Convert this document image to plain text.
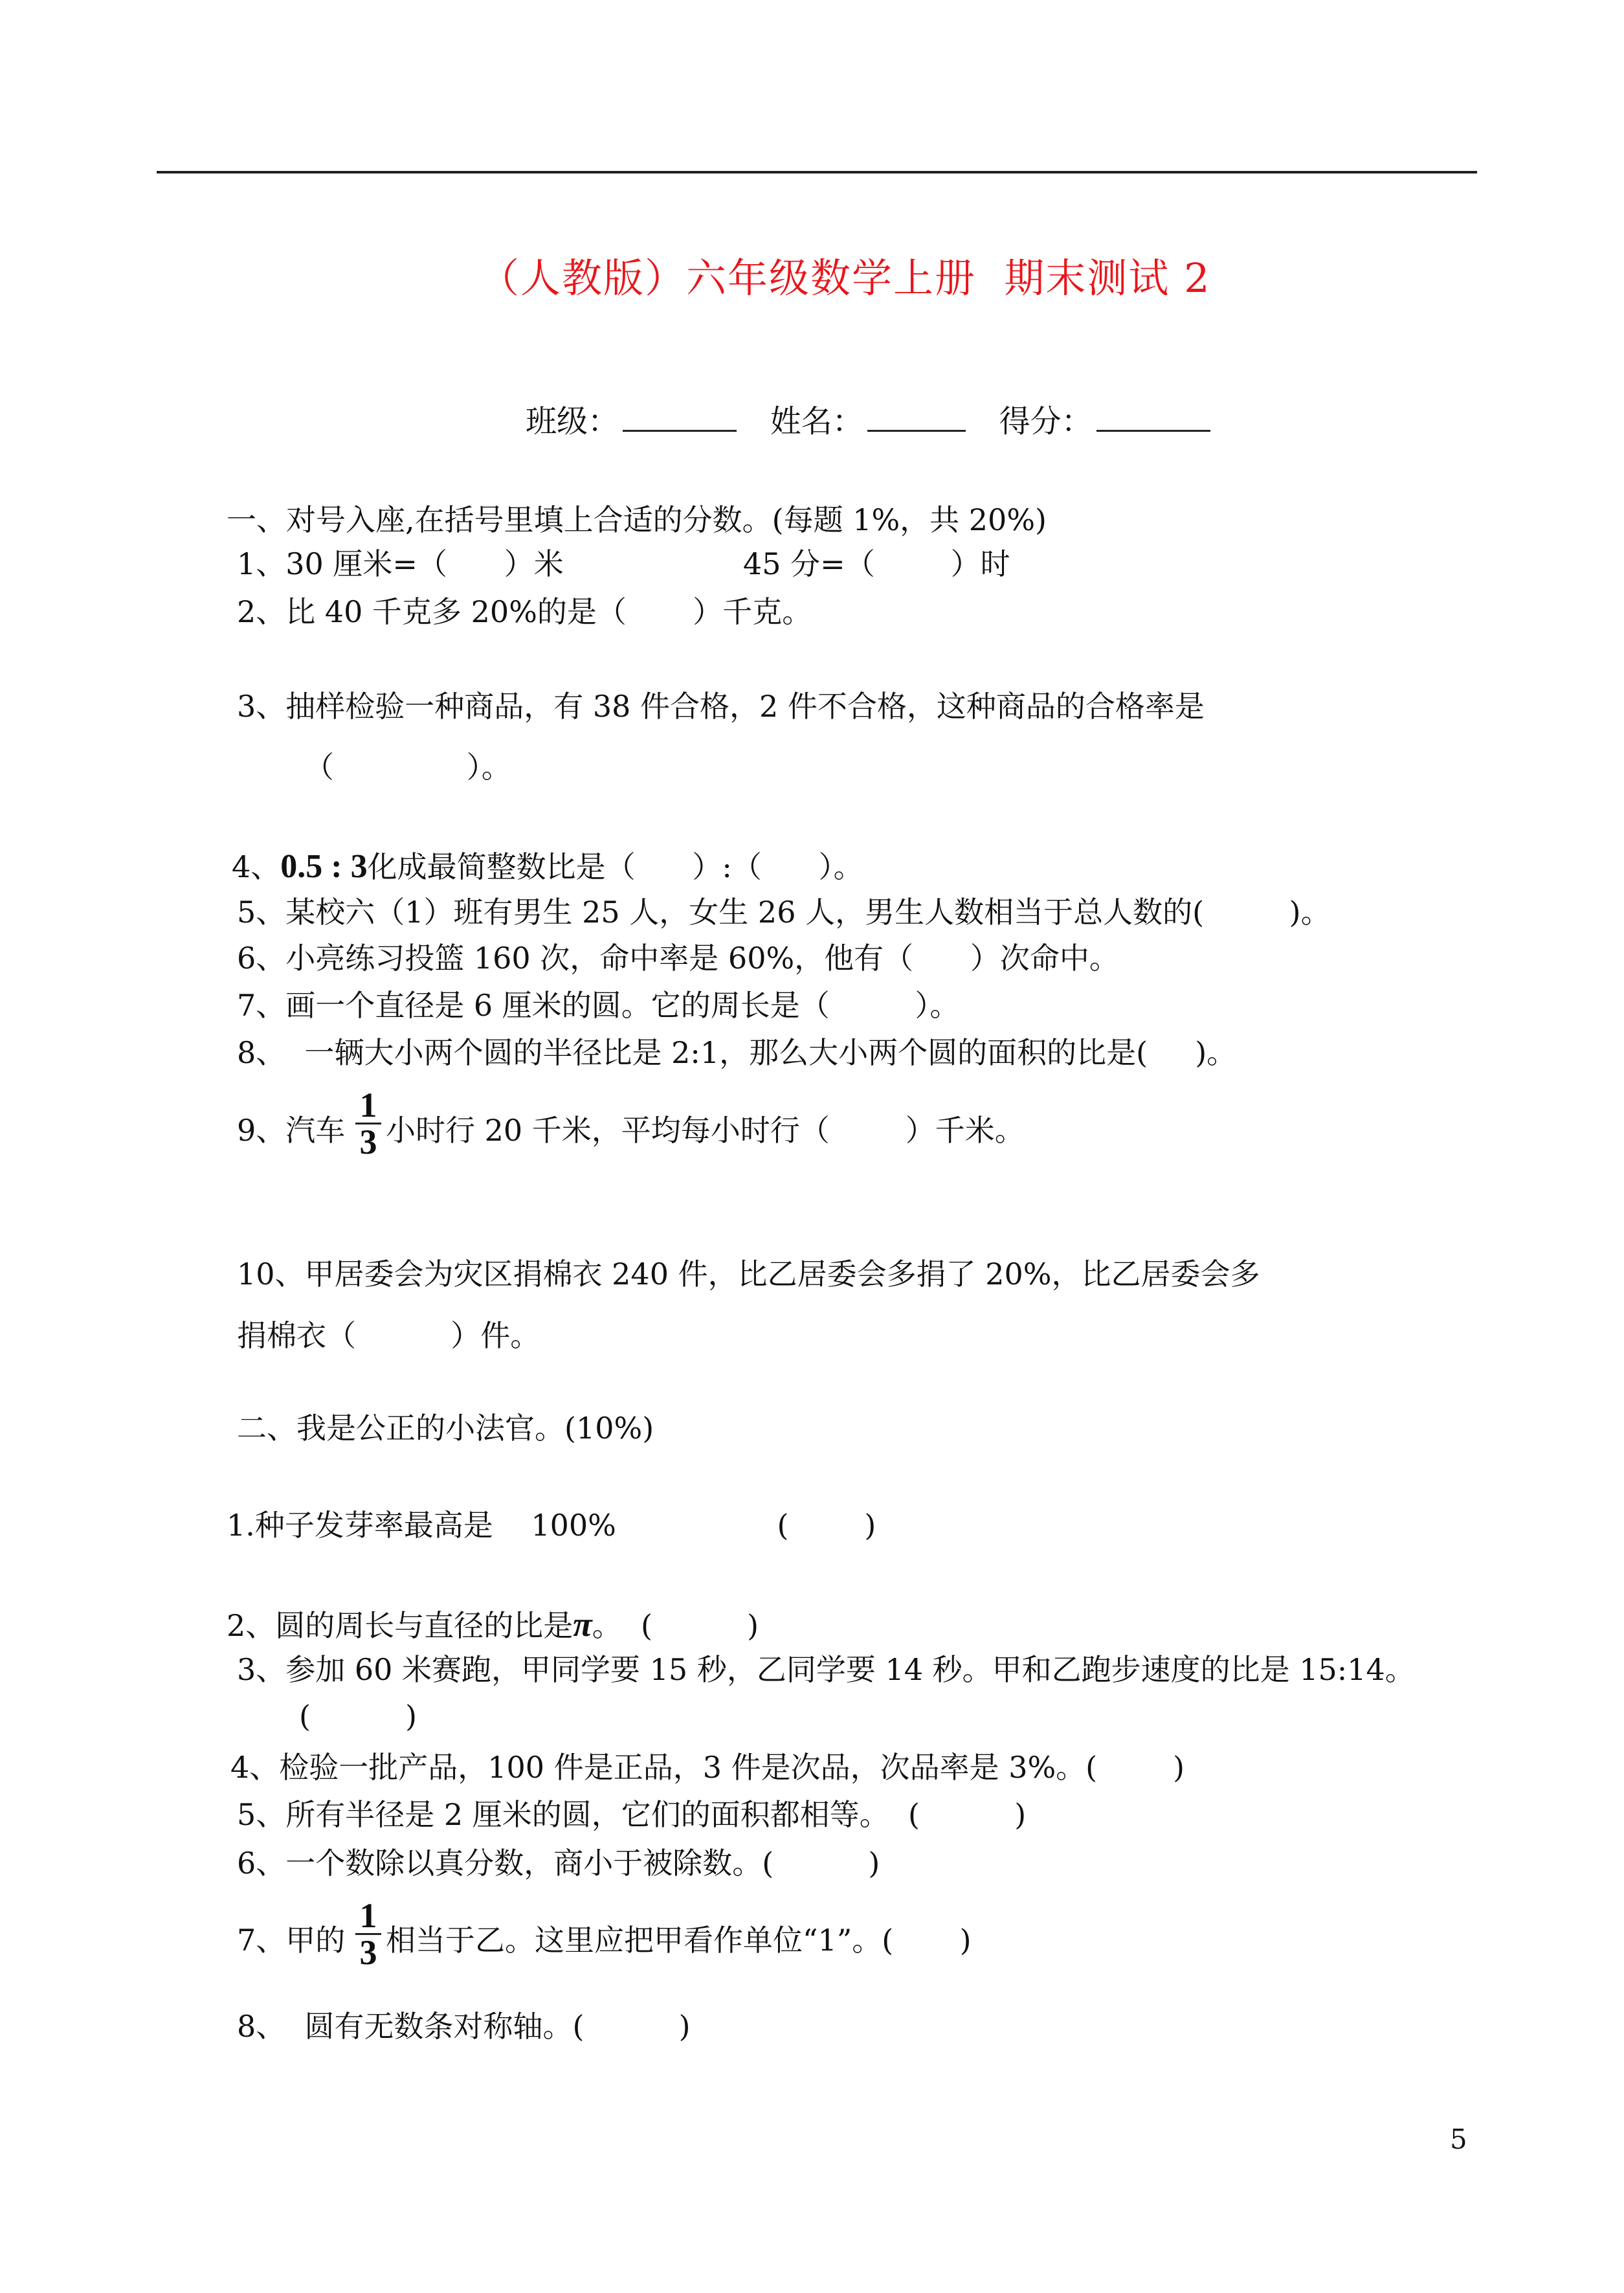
（人教版）六年级数学上册  期末测试 2
班级：	姓名：	得分：
一、对号入座,在括号里填上合适的分数。(每题 1%，共 20%)
1、30 厘米=（      ）米	45 分=（        ）时
2、比 40 千克多 20%的是（       ）千克。
3、抽样检验一种商品，有 38 件合格，2 件不合格，这种商品的合格率是
（              ）。
4、0.5 : 3化成最简整数比是（      ）:（      ）。
5、某校六（1）班有男生 25 人，女生 26 人，男生人数相当于总人数的(         )。
6、小亮练习投篮 160 次，命中率是 60%，他有（      ）次命中。
7、画一个直径是 6 厘米的圆。它的周长是（         ）。
8、  一辆大小两个圆的半径比是 2:1，那么大小两个圆的面积的比是(     )。
9、汽车 $\frac{1}{3}$ 小时行 20 千米，平均每小时行（        ）千米。
10、甲居委会为灾区捐棉衣 240 件，比乙居委会多捐了 20%，比乙居委会多
捐棉衣（          ）件。
二、我是公正的小法官。(10%)
1.种子发芽率最高是    100%                 (        )
2、圆的周长与直径的比是π。  (          )
3、参加 60 米赛跑，甲同学要 15 秒，乙同学要 14 秒。甲和乙跑步速度的比是 15:14。
(          )
4、检验一批产品，100 件是正品，3 件是次品，次品率是 3%。(        )
5、所有半径是 2 厘米的圆，它们的面积都相等。  (          )
6、一个数除以真分数，商小于被除数。(          )
7、甲的 $\frac{1}{3}$ 相当于乙。这里应把甲看作单位“1”。(       )
8、  圆有无数条对称轴。(          )
5
